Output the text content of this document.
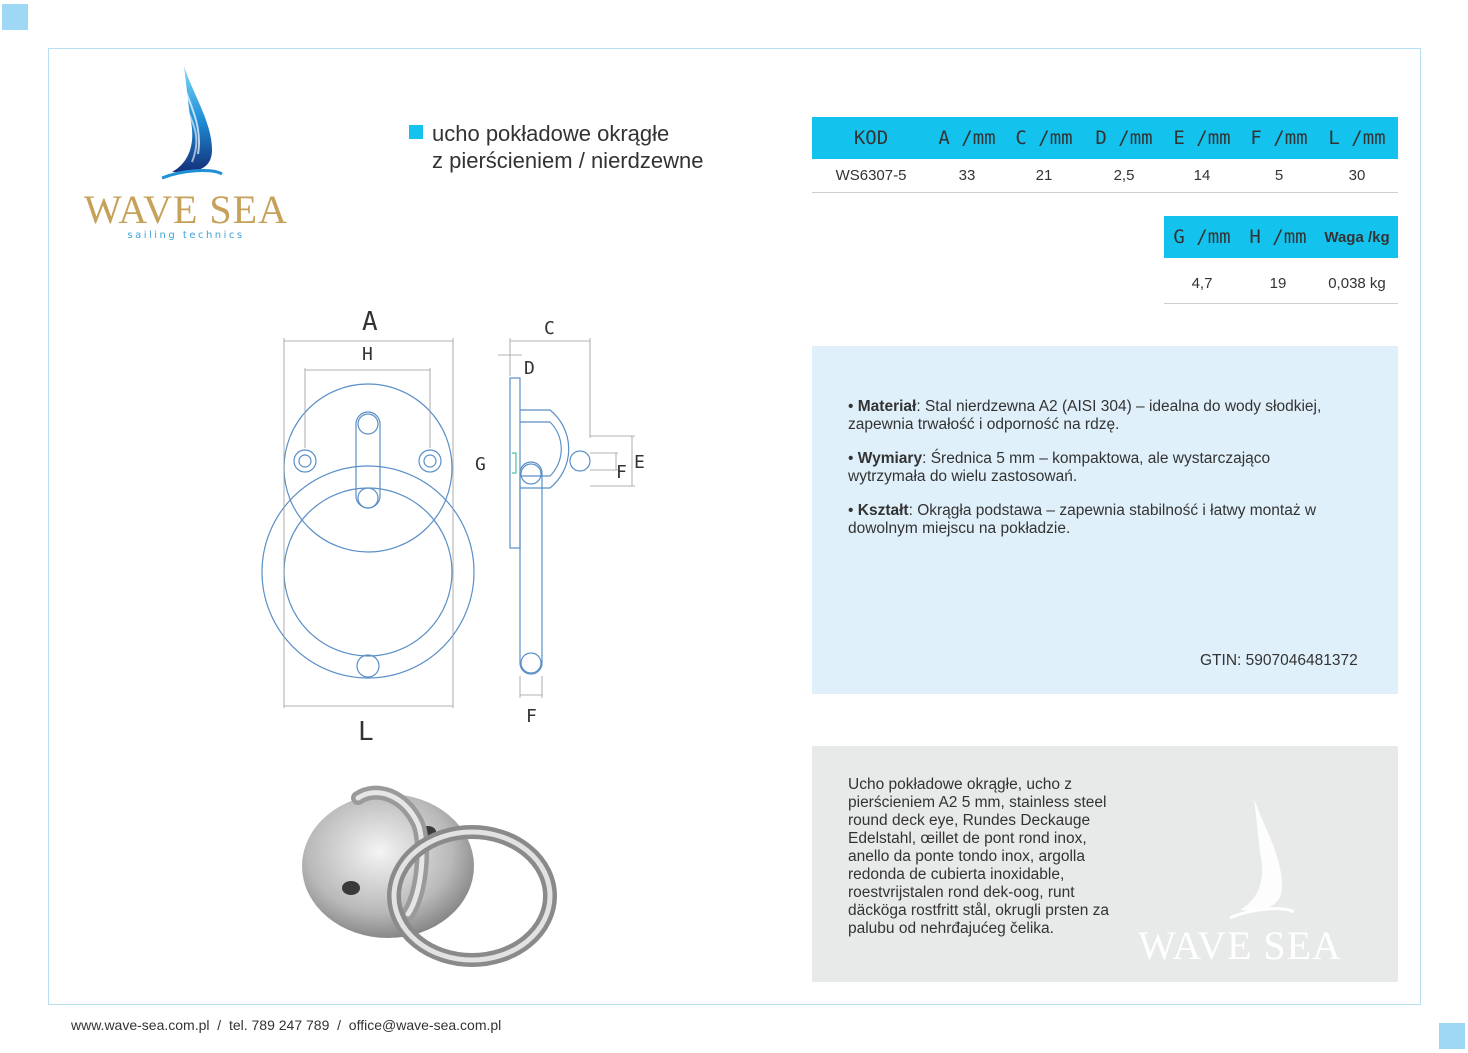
WAVE SEA
sailing technics
ucho pokładowe okrągłe
z pierścieniem / nierdzewne
KOD	A /mm	C /mm	D /mm	E /mm	F /mm	L /mm
WS6307-5	33	21	2,5	14	5	30
G /mm H /mm	Waga /kg
4,7	19	0,038 kg

• Materiał: Stal nierdzewna A2 (AISI 304) – idealna do wody słodkiej, zapewnia trwałość i odporność na rdzę.

• Wymiary: Średnica 5 mm – kompaktowa, ale wystarczająco wytrzymała do wielu zastosowań.

• Kształt: Okrągła podstawa – zapewnia stabilność i łatwy montaż w dowolnym miejscu na pokładzie.

GTIN: 5907046481372
Ucho pokładowe okrągłe, ucho z pierścieniem A2 5 mm, stainless steel round deck eye, Rundes Deckauge Edelstahl, œillet de pont rond inox, anello da ponte tondo inox, argolla redonda de cubierta inoxidable, roestvrijstalen rond dek-oog, runt däcköga rostfritt stål, okrugli prsten za palubu od nehrđajućeg čelika.	WAVE SEA
A
H
L
C
D
G	F E
F
www.wave-sea.com.pl  /  tel. 789 247 789  /  office@wave-sea.com.pl
